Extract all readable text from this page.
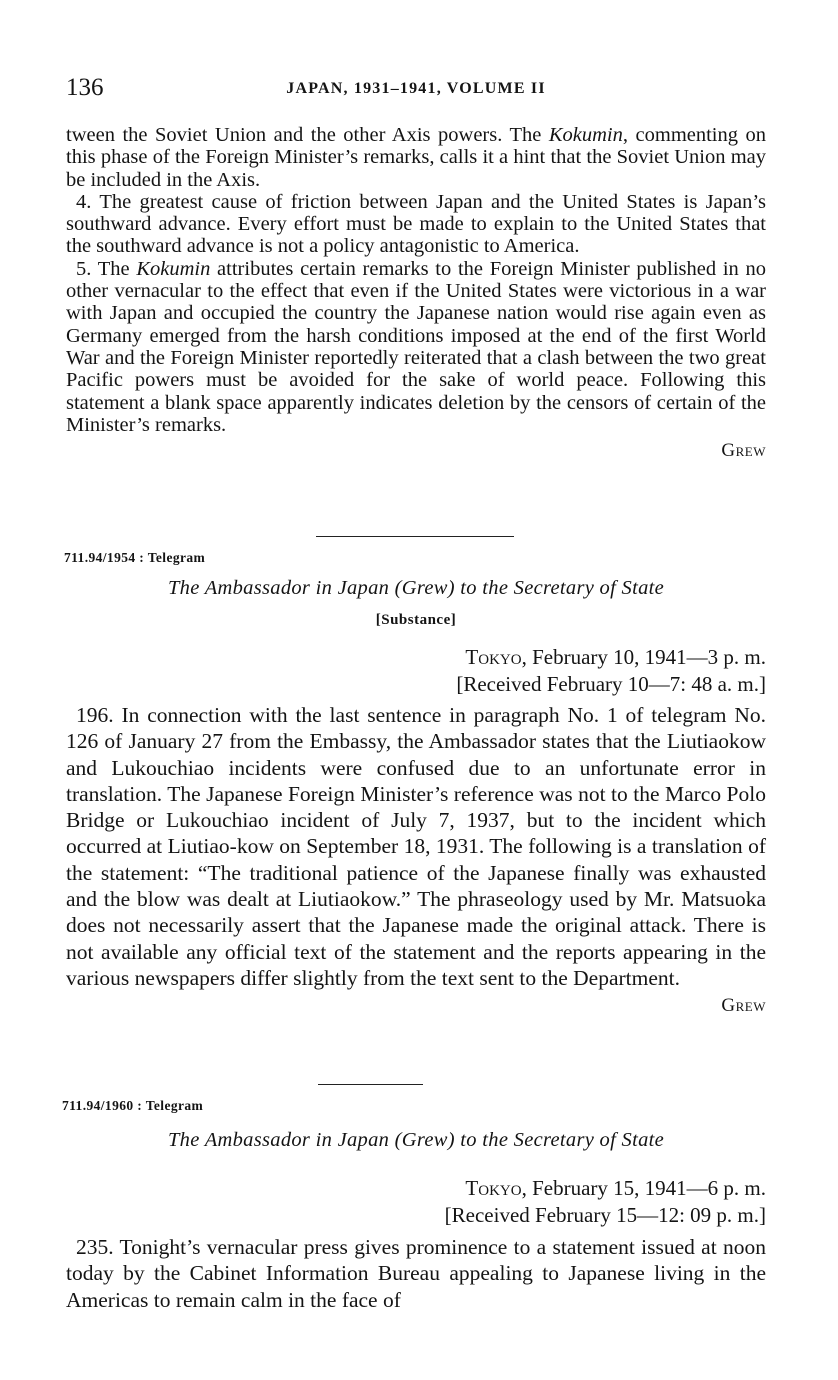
136	JAPAN, 1931–1941, VOLUME II

tween the Soviet Union and the other Axis powers. The Kokumin, commenting on this phase of the Foreign Minister’s remarks, calls it a hint that the Soviet Union may be included in the Axis.

4. The greatest cause of friction between Japan and the United States is Japan’s southward advance. Every effort must be made to explain to the United States that the southward advance is not a policy antagonistic to America.

5. The Kokumin attributes certain remarks to the Foreign Minister published in no other vernacular to the effect that even if the United States were victorious in a war with Japan and occupied the country the Japanese nation would rise again even as Germany emerged from the harsh conditions imposed at the end of the first World War and the Foreign Minister reportedly reiterated that a clash between the two great Pacific powers must be avoided for the sake of world peace. Following this statement a blank space apparently indicates deletion by the censors of certain of the Minister’s remarks.

Grew
711.94/1954 : Telegram
The Ambassador in Japan (Grew) to the Secretary of State
[Substance]
Tokyo, February 10, 1941—3 p. m.
[Received February 10—7: 48 a. m.]

196. In connection with the last sentence in paragraph No. 1 of telegram No. 126 of January 27 from the Embassy, the Ambassador states that the Liutiaokow and Lukouchiao incidents were confused due to an unfortunate error in translation. The Japanese Foreign Minister’s reference was not to the Marco Polo Bridge or Lukouchiao incident of July 7, 1937, but to the incident which occurred at Liutiao-kow on September 18, 1931. The following is a translation of the statement: “The traditional patience of the Japanese finally was exhausted and the blow was dealt at Liutiaokow.” The phraseology used by Mr. Matsuoka does not necessarily assert that the Japanese made the original attack. There is not available any official text of the statement and the reports appearing in the various newspapers differ slightly from the text sent to the Department.

Grew
711.94/1960 : Telegram
The Ambassador in Japan (Grew) to the Secretary of State
Tokyo, February 15, 1941—6 p. m.
[Received February 15—12: 09 p. m.]

235. Tonight’s vernacular press gives prominence to a statement issued at noon today by the Cabinet Information Bureau appealing to Japanese living in the Americas to remain calm in the face of
